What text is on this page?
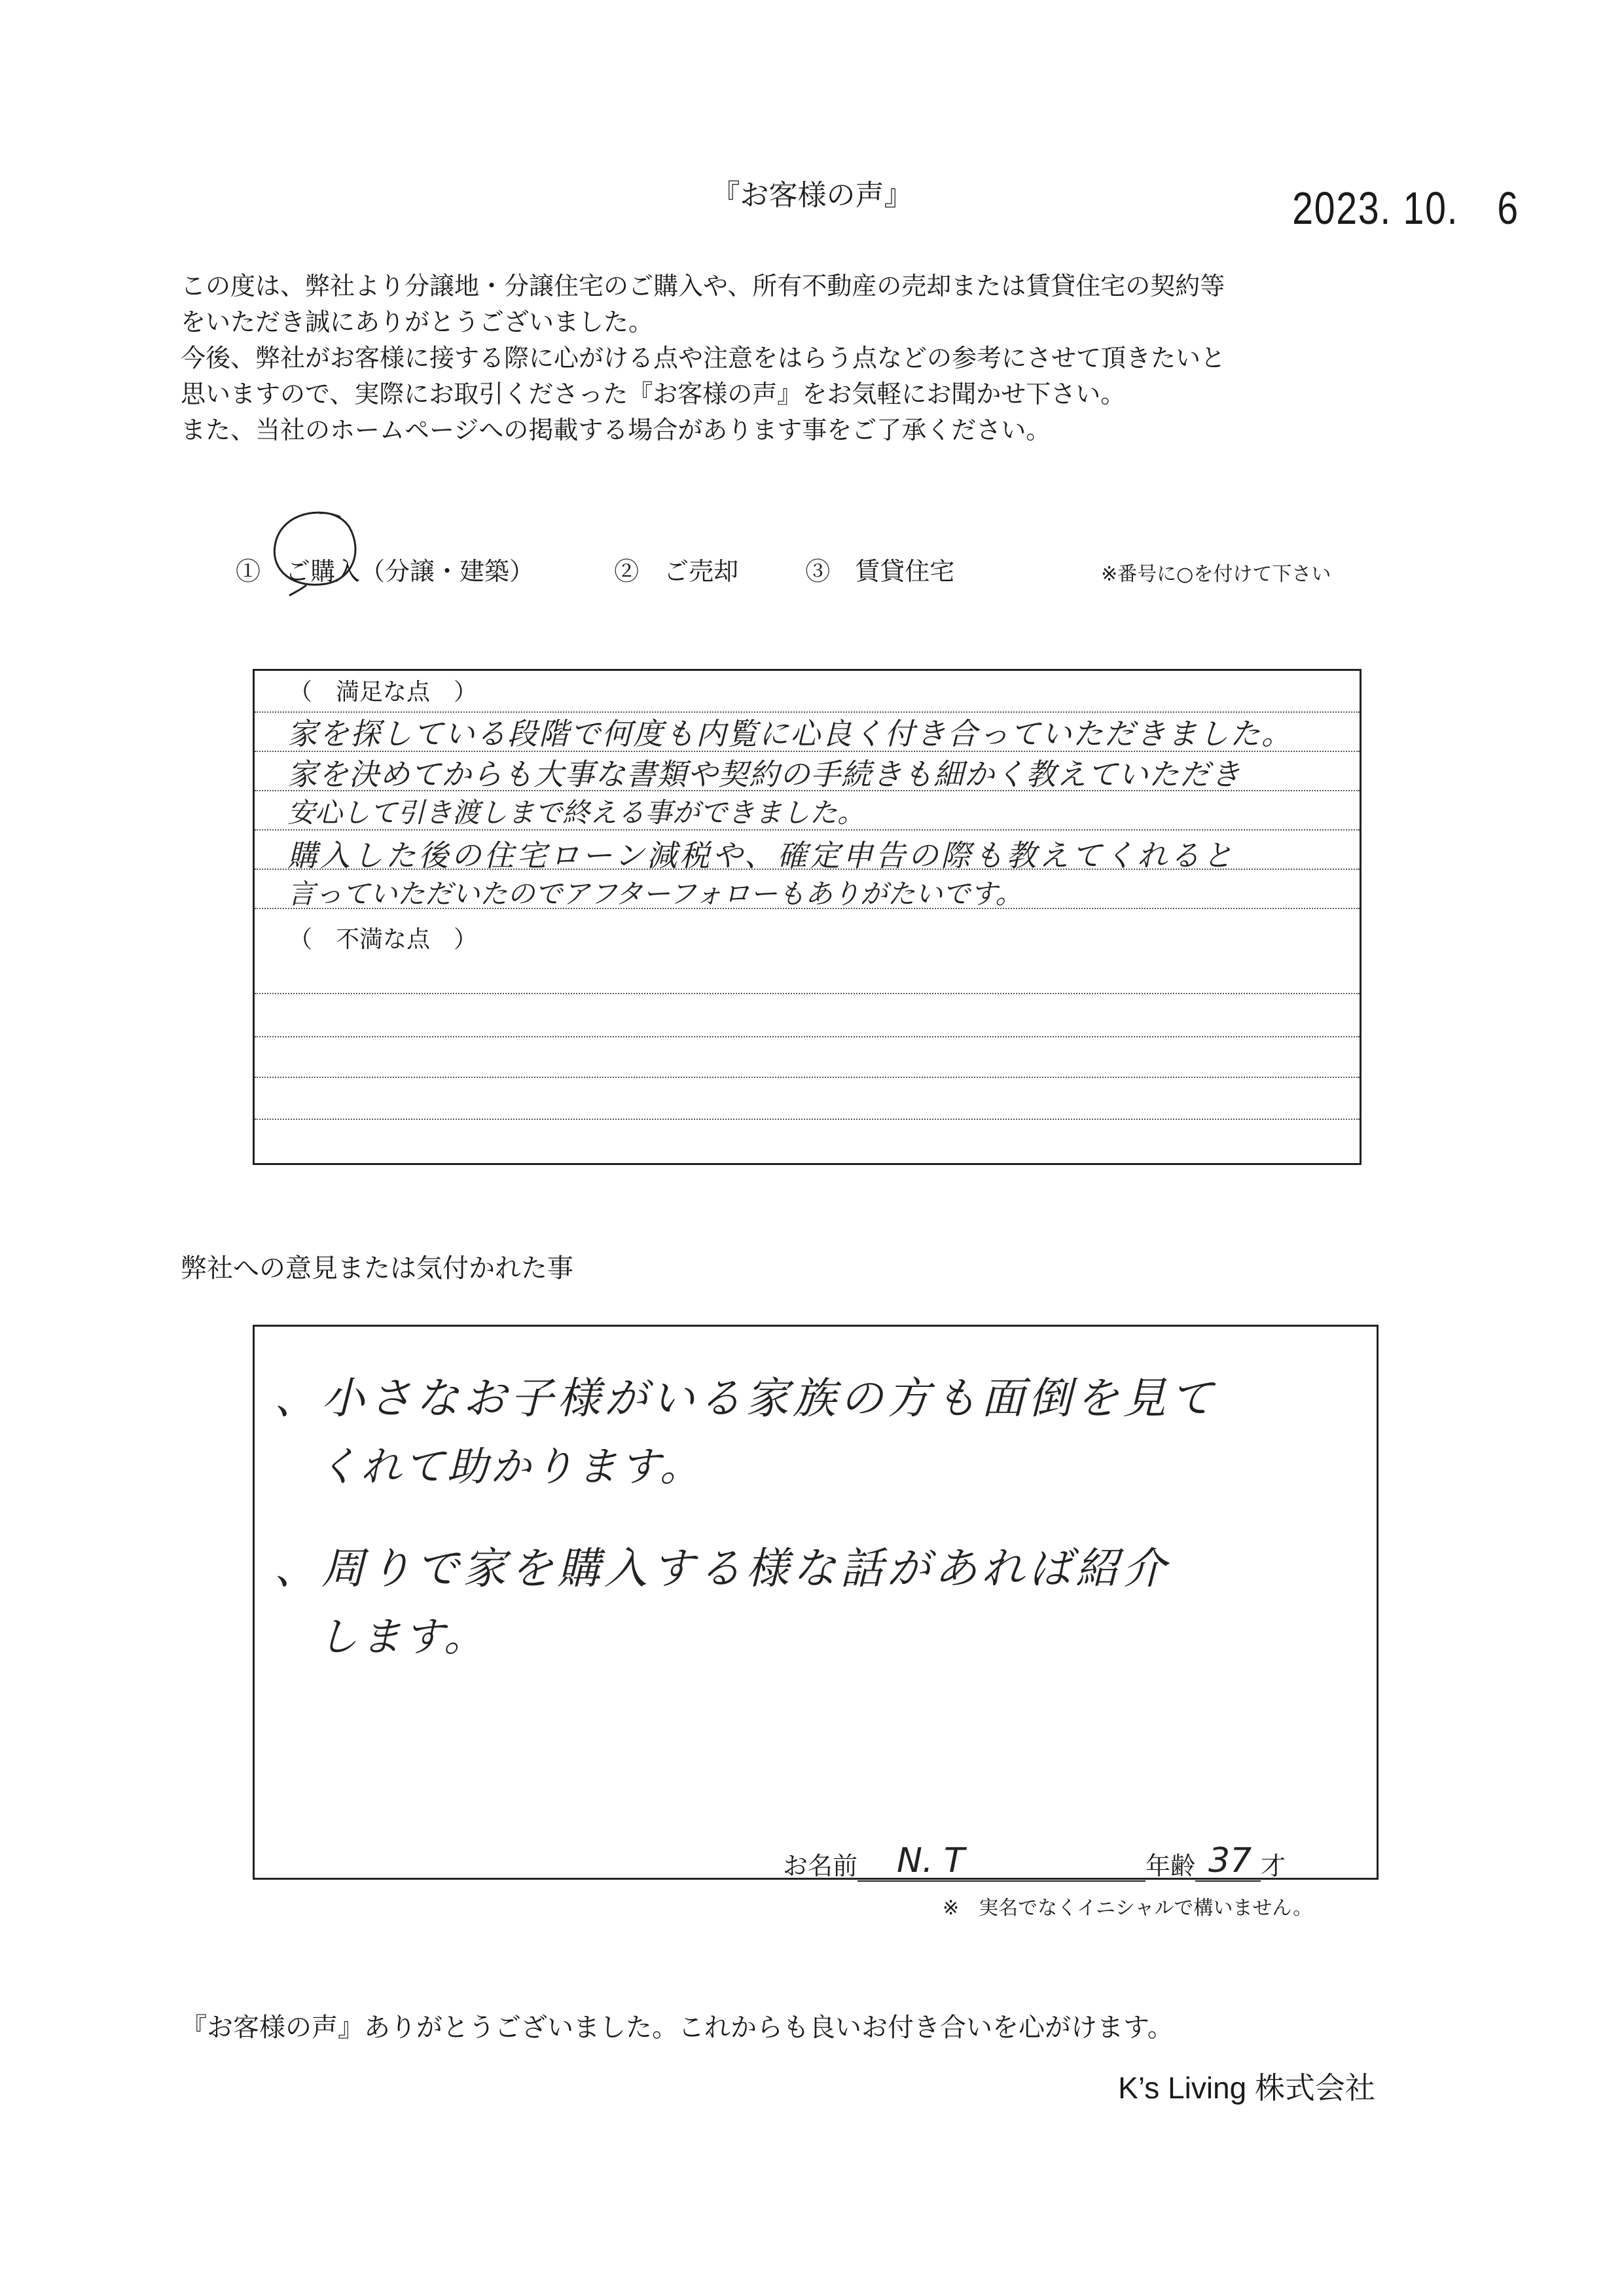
『お客様の声』	2023. 10.　6
この度は、弊社より分譲地・分譲住宅のご購入や、所有不動産の売却または賃貸住宅の契約等
をいただき誠にありがとうございました。
今後、弊社がお客様に接する際に心がける点や注意をはらう点などの参考にさせて頂きたいと
思いますので、実際にお取引くださった『お客様の声』をお気軽にお聞かせ下さい。
また、当社のホームページへの掲載する場合があります事をご了承ください。
①　ご購入（分譲・建築）	②　ご売却	③　賃貸住宅	※番号に○を付けて下さい
（　満足な点　）
家を探している段階で何度も内覧に心良く付き合っていただきました。
家を決めてからも大事な書類や契約の手続きも細かく教えていただき
安心して引き渡しまで終える事ができました。
購入した後の住宅ローン減税や、確定申告の際も教えてくれると
言っていただいたのでアフターフォローもありがたいです。
（　不満な点　）
弊社への意見または気付かれた事
、小さなお子様がいる家族の方も面倒を見て
　くれて助かります。
、周りで家を購入する様な話があれば紹介
　します。
お名前 N. T	年齢 37 才
※　実名でなくイニシャルで構いません。
『お客様の声』ありがとうございました。これからも良いお付き合いを心がけます。
K’s Living 株式会社
